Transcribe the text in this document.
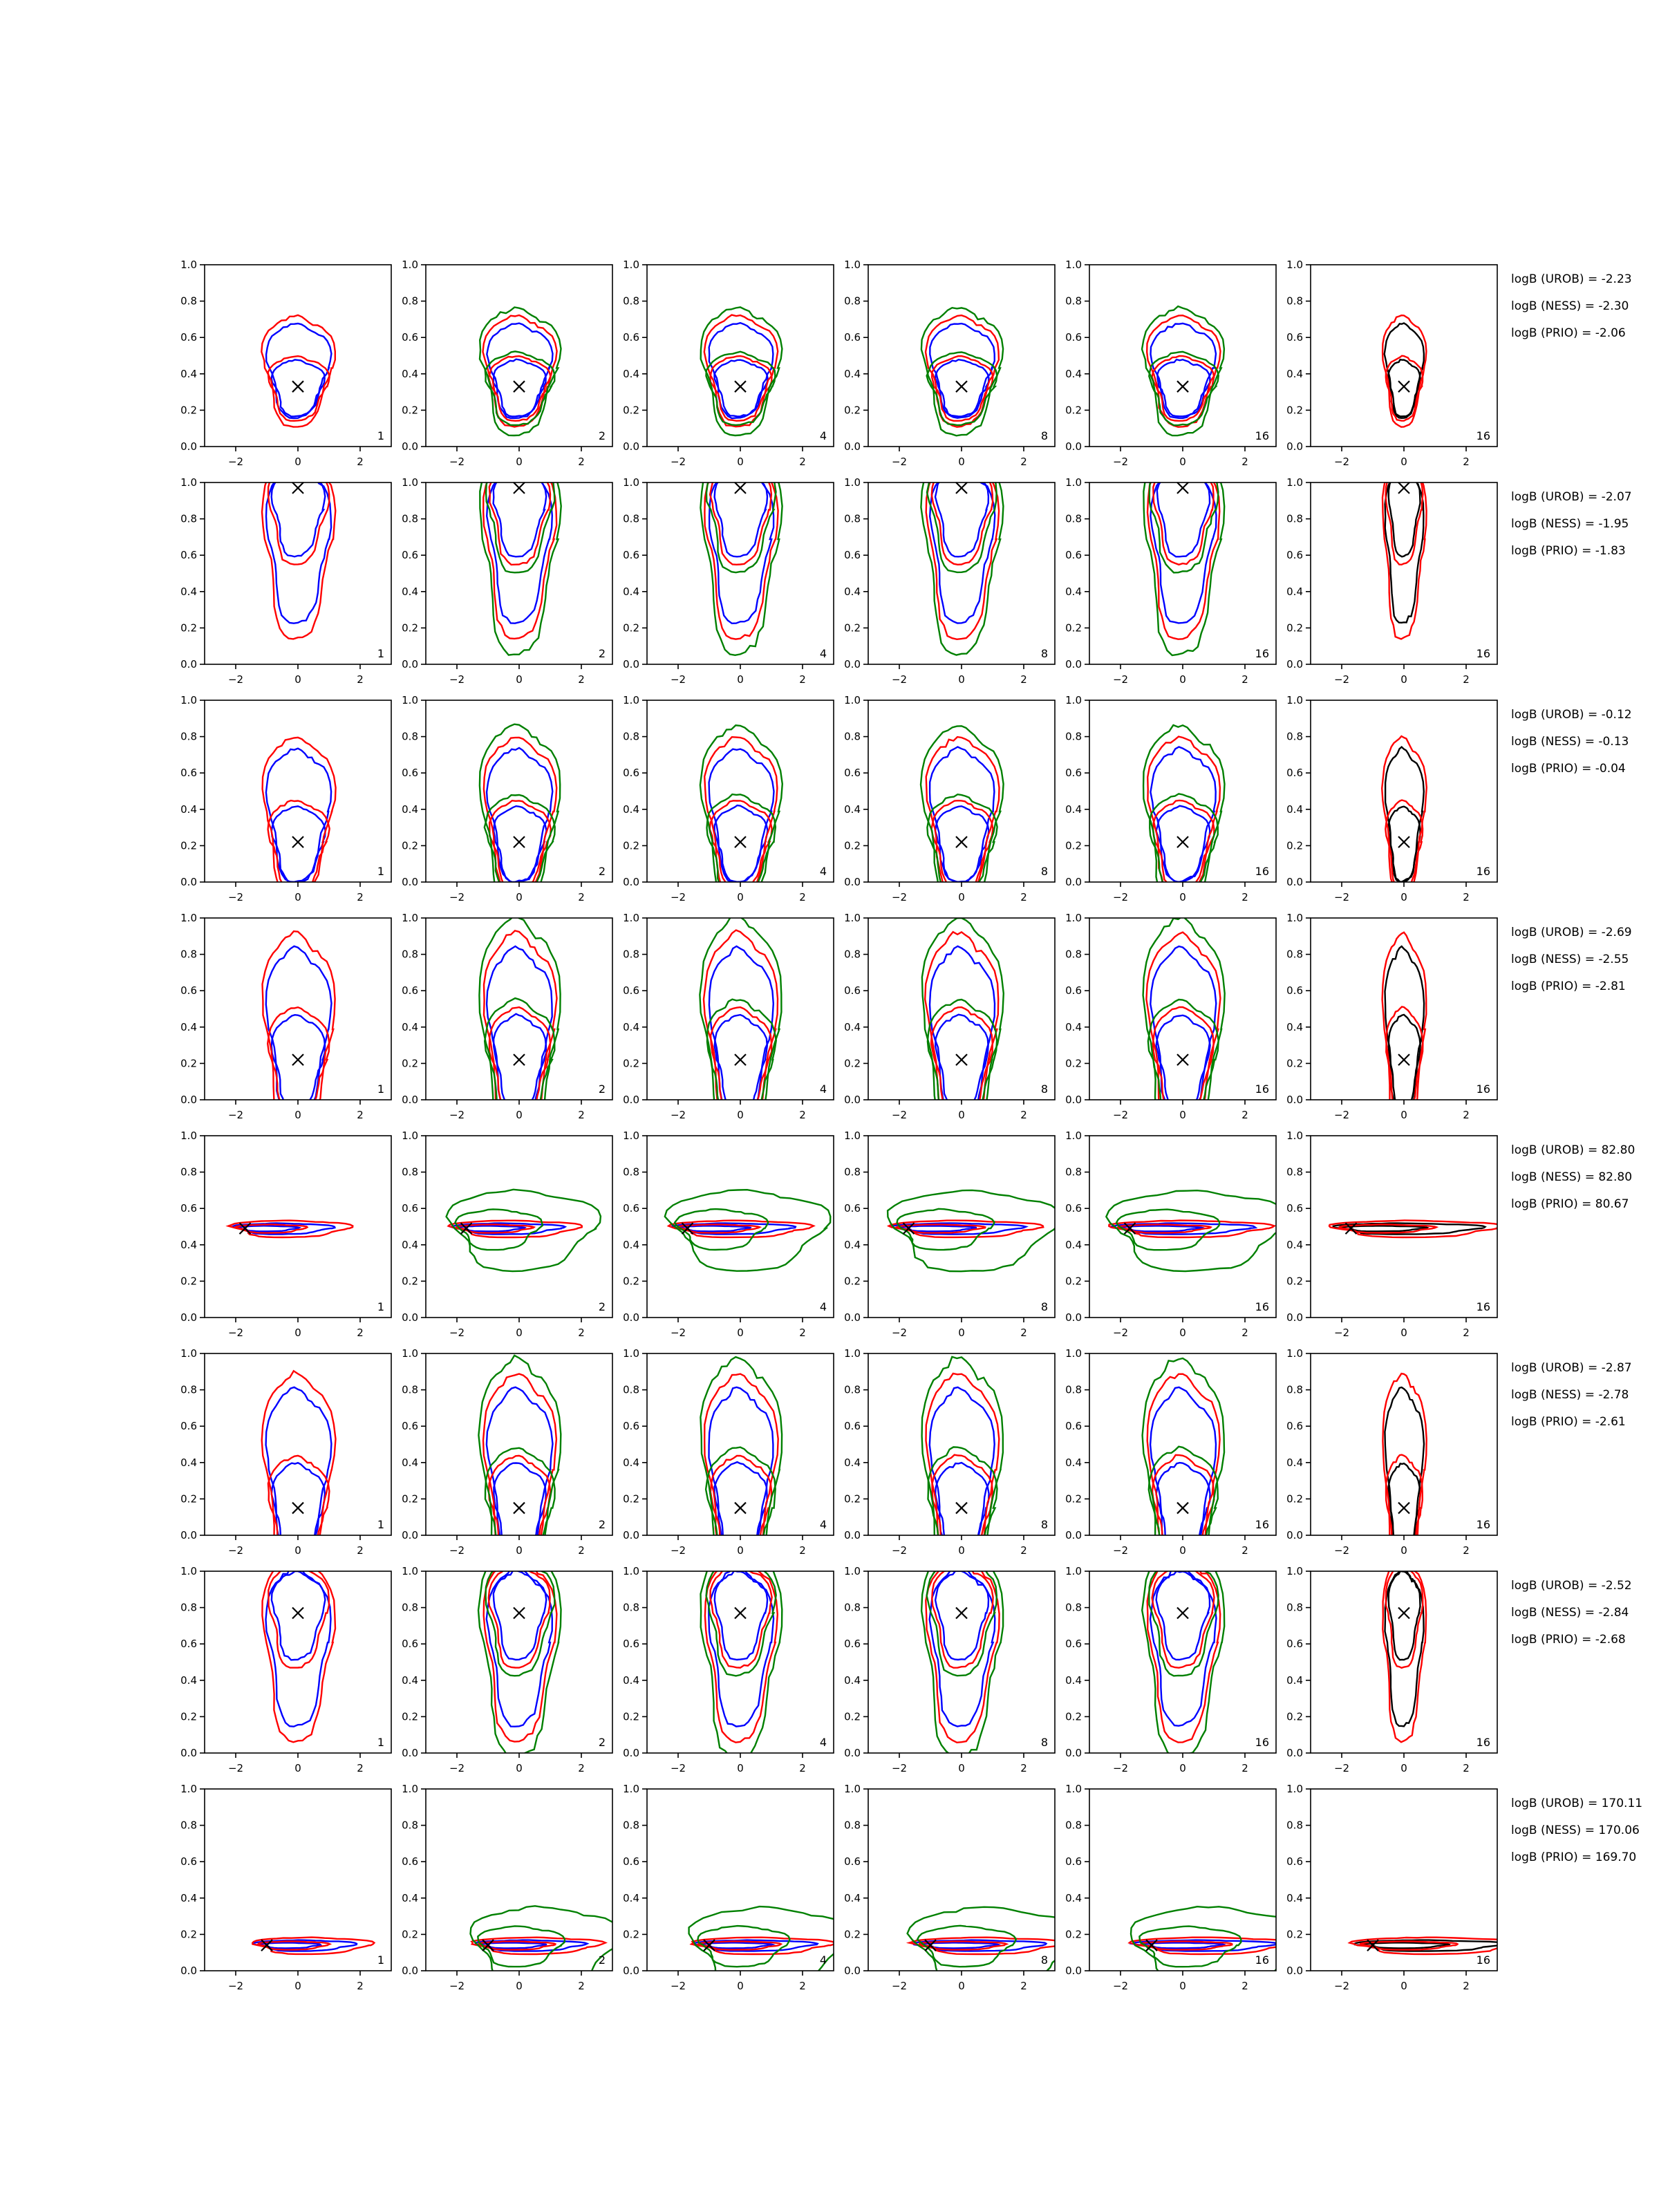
−2	0	2
0.0
0.2
0.4
0.6
0.8
1.0
1
−2	0	2
0.0
0.2
0.4
0.6
0.8
1.0
2
−2	0	2
0.0
0.2
0.4
0.6
0.8
1.0
4
−2	0	2
0.0
0.2
0.4
0.6
0.8
1.0
8
−2	0	2
0.0
0.2
0.4
0.6
0.8
1.0
16
−2	0	2
0.0
0.2
0.4
0.6
0.8
1.0
16
logB (UROB) = -2.23
logB (NESS) = -2.30
logB (PRIO) = -2.06
−2	0	2
0.0
0.2
0.4
0.6
0.8
1.0
1
−2	0	2
0.0
0.2
0.4
0.6
0.8
1.0
2
−2	0	2
0.0
0.2
0.4
0.6
0.8
1.0
4
−2	0	2
0.0
0.2
0.4
0.6
0.8
1.0
8
−2	0	2
0.0
0.2
0.4
0.6
0.8
1.0
16
−2	0	2
0.0
0.2
0.4
0.6
0.8
1.0
16
logB (UROB) = -2.07
logB (NESS) = -1.95
logB (PRIO) = -1.83
−2	0	2
0.0
0.2
0.4
0.6
0.8
1.0
1
−2	0	2
0.0
0.2
0.4
0.6
0.8
1.0
2
−2	0	2
0.0
0.2
0.4
0.6
0.8
1.0
4
−2	0	2
0.0
0.2
0.4
0.6
0.8
1.0
8
−2	0	2
0.0
0.2
0.4
0.6
0.8
1.0
16
−2	0	2
0.0
0.2
0.4
0.6
0.8
1.0
16
logB (UROB) = -0.12
logB (NESS) = -0.13
logB (PRIO) = -0.04
−2	0	2
0.0
0.2
0.4
0.6
0.8
1.0
1
−2	0	2
0.0
0.2
0.4
0.6
0.8
1.0
2
−2	0	2
0.0
0.2
0.4
0.6
0.8
1.0
4
−2	0	2
0.0
0.2
0.4
0.6
0.8
1.0
8
−2	0	2
0.0
0.2
0.4
0.6
0.8
1.0
16
−2	0	2
0.0
0.2
0.4
0.6
0.8
1.0
16
logB (UROB) = -2.69
logB (NESS) = -2.55
logB (PRIO) = -2.81
−2	0	2
0.0
0.2
0.4
0.6
0.8
1.0
1
−2	0	2
0.0
0.2
0.4
0.6
0.8
1.0
2
−2	0	2
0.0
0.2
0.4
0.6
0.8
1.0
4
−2	0	2
0.0
0.2
0.4
0.6
0.8
1.0
8
−2	0	2
0.0
0.2
0.4
0.6
0.8
1.0
16
−2	0	2
0.0
0.2
0.4
0.6
0.8
1.0
16
logB (UROB) = 82.80
logB (NESS) = 82.80
logB (PRIO) = 80.67
−2	0	2
0.0
0.2
0.4
0.6
0.8
1.0
1
−2	0	2
0.0
0.2
0.4
0.6
0.8
1.0
2
−2	0	2
0.0
0.2
0.4
0.6
0.8
1.0
4
−2	0	2
0.0
0.2
0.4
0.6
0.8
1.0
8
−2	0	2
0.0
0.2
0.4
0.6
0.8
1.0
16
−2	0	2
0.0
0.2
0.4
0.6
0.8
1.0
16
logB (UROB) = -2.87
logB (NESS) = -2.78
logB (PRIO) = -2.61
−2	0	2
0.0
0.2
0.4
0.6
0.8
1.0
1
−2	0	2
0.0
0.2
0.4
0.6
0.8
1.0
2
−2	0	2
0.0
0.2
0.4
0.6
0.8
1.0
4
−2	0	2
0.0
0.2
0.4
0.6
0.8
1.0
8
−2	0	2
0.0
0.2
0.4
0.6
0.8
1.0
16
−2	0	2
0.0
0.2
0.4
0.6
0.8
1.0
16
logB (UROB) = -2.52
logB (NESS) = -2.84
logB (PRIO) = -2.68
−2	0	2
0.0
0.2
0.4
0.6
0.8
1.0
1
−2	0	2
0.0
0.2
0.4
0.6
0.8
1.0
2
−2	0	2
0.0
0.2
0.4
0.6
0.8
1.0
4
−2	0	2
0.0
0.2
0.4
0.6
0.8
1.0
8
−2	0	2
0.0
0.2
0.4
0.6
0.8
1.0
16
−2	0	2
0.0
0.2
0.4
0.6
0.8
1.0
16
logB (UROB) = 170.11
logB (NESS) = 170.06
logB (PRIO) = 169.70
